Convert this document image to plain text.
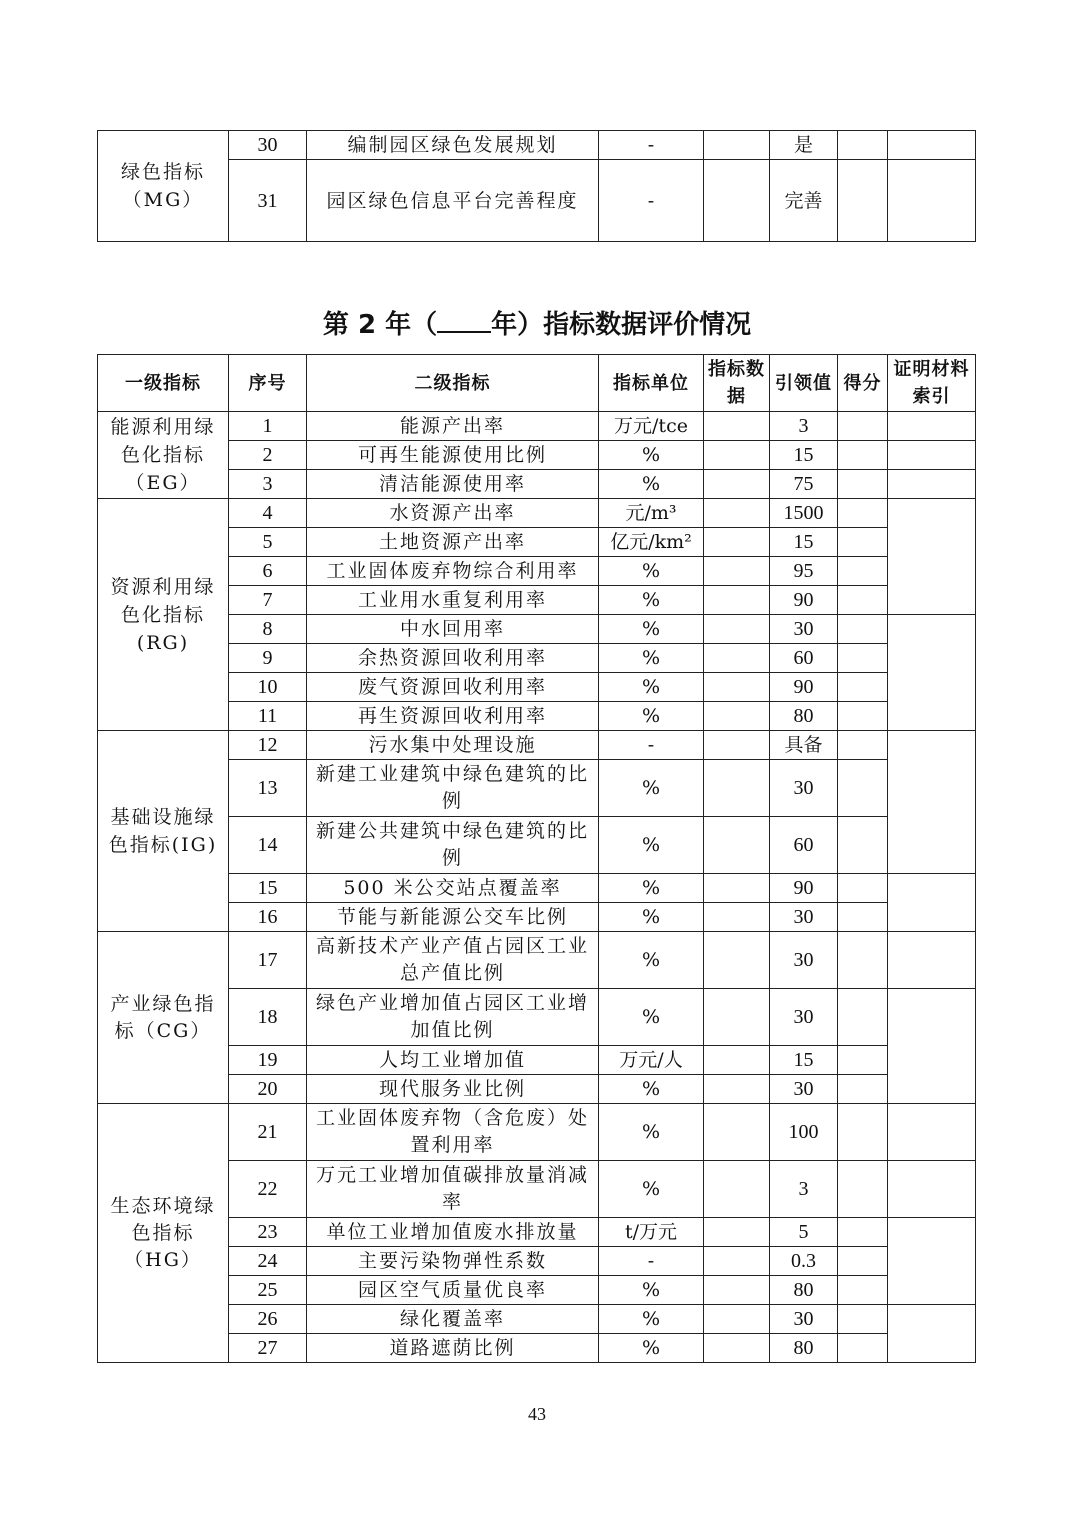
绿色指标（MG）	30	编制园区绿色发展规划	-		是		
	31	园区绿色信息平台完善程度	-		完善		
第 2 年（ 年）指标数据评价情况
一级指标	序号	二级指标	指标单位	指标数据	引领值	得分	证明材料索引
能源利用绿色化指标（EG）	1	能源产出率	万元/tce		3		
	2	可再生能源使用比例	%		15		
	3	清洁能源使用率	%		75		
资源利用绿色化指标(RG)	4	水资源产出率	元/m³		1500		
	5	土地资源产出率	亿元/km²		15		
	6	工业固体废弃物综合利用率	%		95		
	7	工业用水重复利用率	%		90		
	8	中水回用率	%		30		
	9	余热资源回收利用率	%		60		
	10	废气资源回收利用率	%		90		
	11	再生资源回收利用率	%		80		
基础设施绿色指标(IG)	12	污水集中处理设施	-		具备		
	13	新建工业建筑中绿色建筑的比例	%		30		
	14	新建公共建筑中绿色建筑的比例	%		60		
	15	500 米公交站点覆盖率	%		90		
	16	节能与新能源公交车比例	%		30		
产业绿色指标（CG）	17	高新技术产业产值占园区工业总产值比例	%		30		
	18	绿色产业增加值占园区工业增加值比例	%		30		
	19	人均工业增加值	万元/人		15		
	20	现代服务业比例	%		30		
生态环境绿色指标（HG）	21	工业固体废弃物（含危废）处置利用率	%		100		
	22	万元工业增加值碳排放量消减率	%		3		
	23	单位工业增加值废水排放量	t/万元		5		
	24	主要污染物弹性系数	-		0.3		
	25	园区空气质量优良率	%		80		
	26	绿化覆盖率	%		30		
	27	道路遮荫比例	%		80		
43
